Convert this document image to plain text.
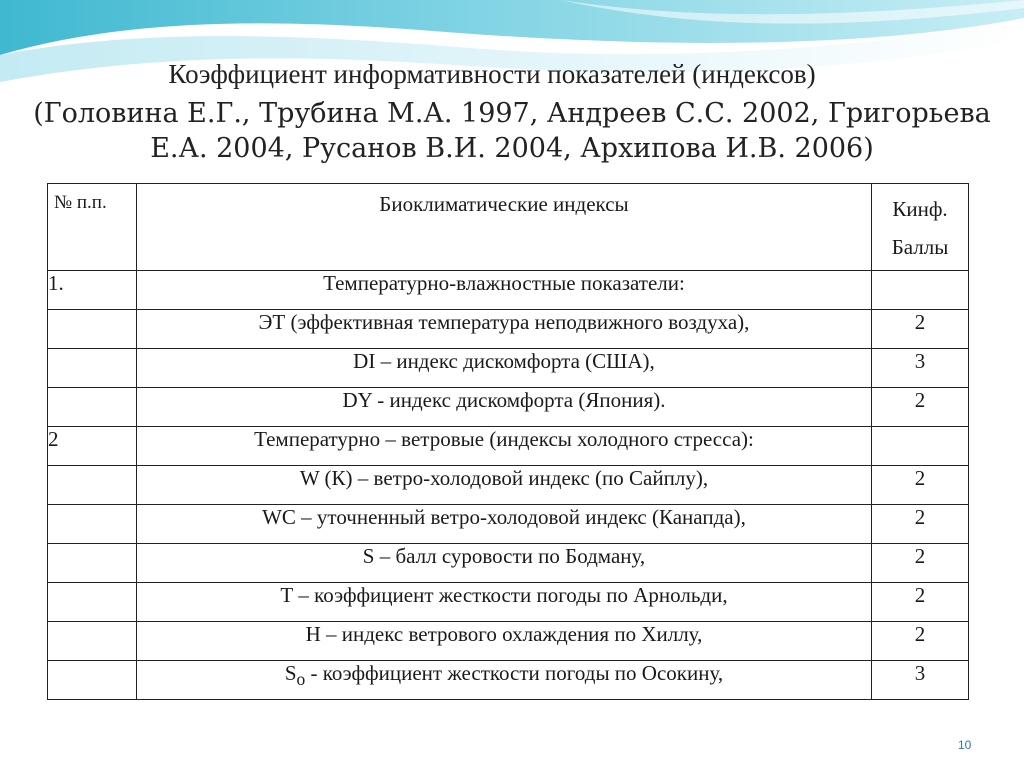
Коэффициент информативности показателей (индексов)
(Головина Е.Г., Трубина М.А. 1997, Андреев С.С. 2002, Григорьева
Е.А. 2004, Русанов В.И. 2004, Архипова И.В. 2006)
№ п.п.	Биоклиматические индексы	Кинф.
Баллы

1.	Температурно-влажностные показатели:	
	ЭТ (эффективная температура неподвижного воздуха),	2
	DI – индекс дискомфорта (США),	3
	DY - индекс дискомфорта (Япония).	2
2	Температурно – ветровые (индексы холодного стресса):	
	W (К) – ветро-холодовой индекс (по Сайплу),	2
	WC – уточненный ветро-холодовой индекс (Канапда),	2
	S – балл суровости по Бодману,	2
	Т – коэффициент жесткости погоды по Арнольди,	2
	Н – индекс ветрового охлаждения по Хиллу,	2
	$S_o$ - коэффициент жесткости погоды по Осокину,	3
10
